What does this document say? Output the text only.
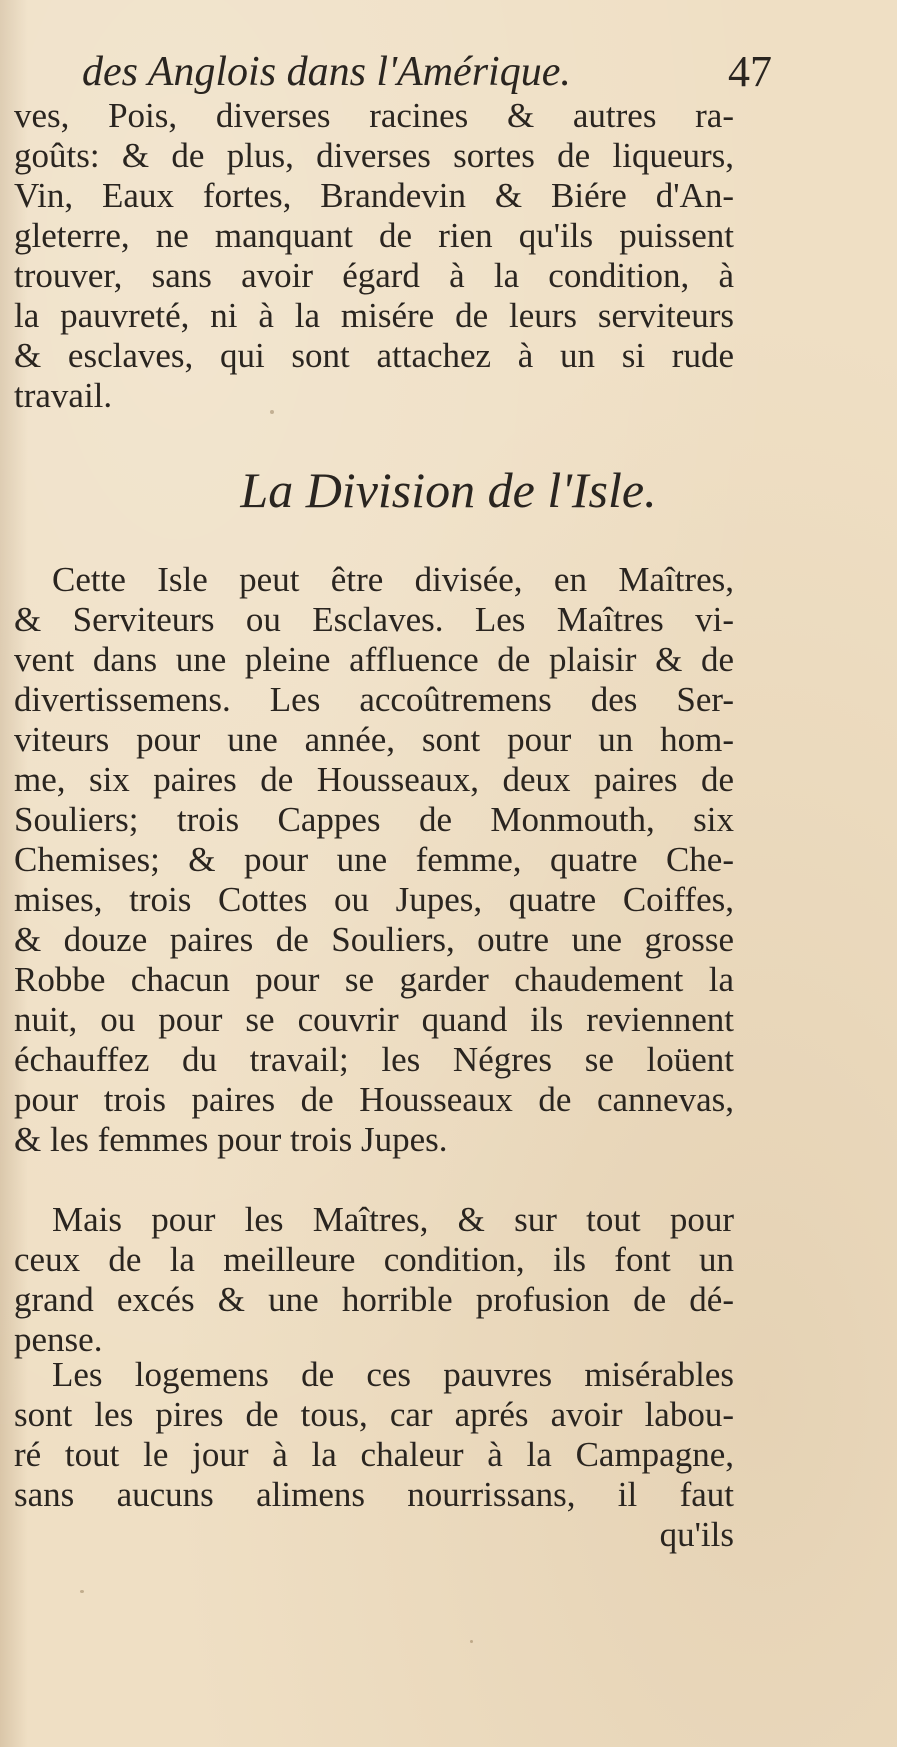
des Anglois dans l'Amérique.	47
ves, Pois, diverses racines & autres ra-
goûts: & de plus, diverses sortes de liqueurs,
Vin, Eaux fortes, Brandevin & Biére d'An-
gleterre, ne manquant de rien qu'ils puissent
trouver, sans avoir égard à la condition, à
la pauvreté, ni à la misére de leurs serviteurs
& esclaves, qui sont attachez à un si rude
travail.
La Division de l'Isle.
Cette Isle peut être divisée, en Maîtres,
& Serviteurs ou Esclaves. Les Maîtres vi-
vent dans une pleine affluence de plaisir & de
divertissemens. Les accoûtremens des Ser-
viteurs pour une année, sont pour un hom-
me, six paires de Housseaux, deux paires de
Souliers; trois Cappes de Monmouth, six
Chemises; & pour une femme, quatre Che-
mises, trois Cottes ou Jupes, quatre Coiffes,
& douze paires de Souliers, outre une grosse
Robbe chacun pour se garder chaudement la
nuit, ou pour se couvrir quand ils reviennent
échauffez du travail; les Négres se loüent
pour trois paires de Housseaux de cannevas,
& les femmes pour trois Jupes.
Mais pour les Maîtres, & sur tout pour
ceux de la meilleure condition, ils font un
grand excés & une horrible profusion de dé-
pense.
Les logemens de ces pauvres misérables
sont les pires de tous, car aprés avoir labou-
ré tout le jour à la chaleur à la Campagne,
sans aucuns alimens nourrissans, il faut
qu'ils
